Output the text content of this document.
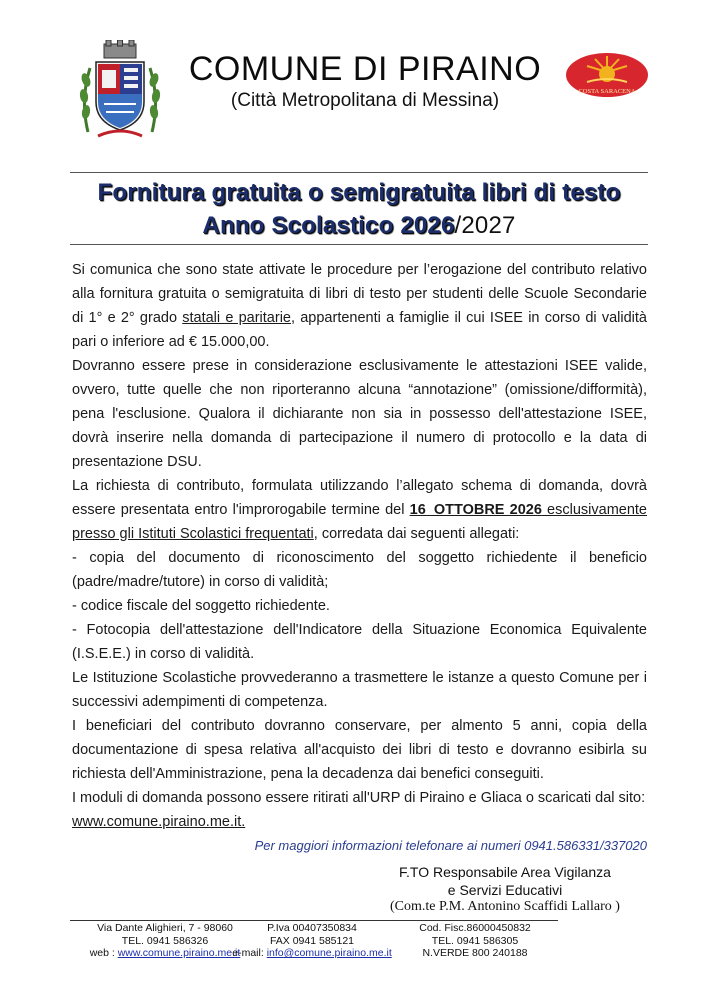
COMUNE DI PIRAINO
(Città Metropolitana di Messina)	COSTA SARACENA
Fornitura gratuita o semigratuita libri di testo
Anno Scolastico 2026/2027

Si comunica che sono state attivate le procedure per l’erogazione del contributo relativo alla fornitura gratuita o semigratuita di libri di testo per studenti delle Scuole Secondarie di 1° e 2° grado statali e paritarie, appartenenti a famiglie il cui ISEE in corso di validità pari o inferiore ad € 15.000,00.

Dovranno essere prese in considerazione esclusivamente le attestazioni ISEE valide, ovvero, tutte quelle che non riporteranno alcuna “annotazione” (omissione/difformità), pena l'esclusione. Qualora il dichiarante non sia in possesso dell'attestazione ISEE, dovrà inserire nella domanda di partecipazione il numero di protocollo e la data di presentazione DSU.

La richiesta di contributo, formulata utilizzando l’allegato schema di domanda, dovrà essere presentata entro l'improrogabile termine del 16_OTTOBRE 2026 esclusivamente presso gli Istituti Scolastici frequentati, corredata dai seguenti allegati:

- copia del documento di riconoscimento del soggetto richiedente il beneficio (padre/madre/tutore) in corso di validità;

- codice fiscale del soggetto richiedente.

- Fotocopia dell'attestazione dell'Indicatore della Situazione Economica Equivalente (I.S.E.E.) in corso di validità.

Le Istituzione Scolastiche provvederanno a trasmettere le istanze a questo Comune per i successivi adempimenti di competenza.

I beneficiari del contributo dovranno conservare, per almento 5 anni, copia della documentazione di spesa relativa all'acquisto dei libri di testo e dovranno esibirla su richiesta dell'Amministrazione, pena la decadenza dai benefici conseguiti.

I moduli di domanda possono essere ritirati all'URP di Piraino e Gliaca o scaricati dal sito:

www.comune.piraino.me.it.

Per maggiori informazioni telefonare ai numeri 0941.586331/337020
F.TO Responsabile Area Vigilanza
e Servizi Educativi
(Com.te P.M. Antonino Scaffidi Lallaro )
Via Dante Alighieri, 7 - 98060
TEL. 0941 586326
web : www.comune.piraino.me.it
P.Iva 00407350834
FAX 0941 585121
e-mail: info@comune.piraino.me.it
Cod. Fisc.86000450832
TEL. 0941 586305
N.VERDE 800 240188
